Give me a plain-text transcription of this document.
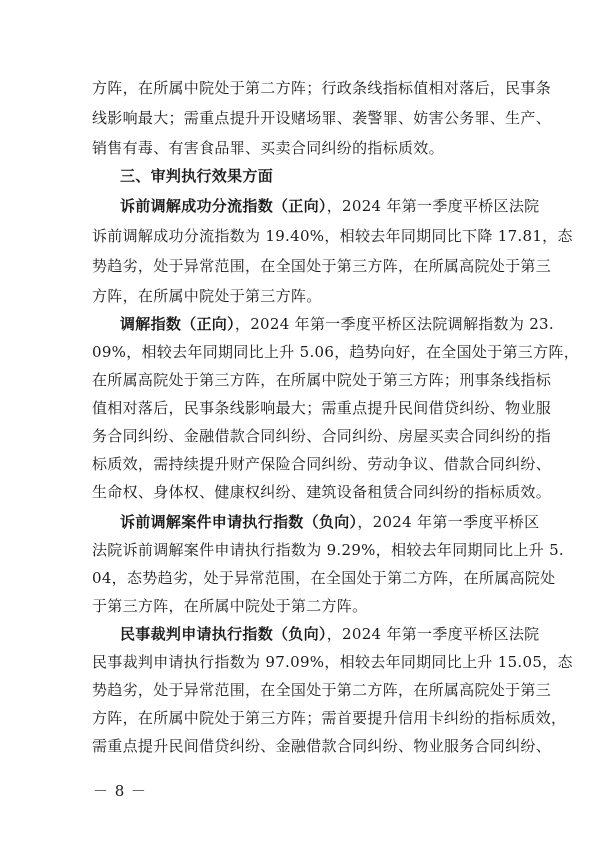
方阵，在所属中院处于第二方阵；行政条线指标值相对落后，民事条
线影响最大；需重点提升开设赌场罪、袭警罪、妨害公务罪、生产、
销售有毒、有害食品罪、买卖合同纠纷的指标质效。
三、审判执行效果方面
诉前调解成功分流指数（正向），2024 年第一季度平桥区法院
诉前调解成功分流指数为 19.40%，相较去年同期同比下降 17.81，态
势趋劣，处于异常范围，在全国处于第三方阵，在所属高院处于第三
方阵，在所属中院处于第三方阵。
调解指数（正向），2024 年第一季度平桥区法院调解指数为 23.
09%，相较去年同期同比上升 5.06，趋势向好，在全国处于第三方阵，
在所属高院处于第三方阵，在所属中院处于第三方阵；刑事条线指标
值相对落后，民事条线影响最大；需重点提升民间借贷纠纷、物业服
务合同纠纷、金融借款合同纠纷、合同纠纷、房屋买卖合同纠纷的指
标质效，需持续提升财产保险合同纠纷、劳动争议、借款合同纠纷、
生命权、身体权、健康权纠纷、建筑设备租赁合同纠纷的指标质效。
诉前调解案件申请执行指数（负向），2024 年第一季度平桥区
法院诉前调解案件申请执行指数为 9.29%，相较去年同期同比上升 5.
04，态势趋劣，处于异常范围，在全国处于第二方阵，在所属高院处
于第三方阵，在所属中院处于第二方阵。
民事裁判申请执行指数（负向），2024 年第一季度平桥区法院
民事裁判申请执行指数为 97.09%，相较去年同期同比上升 15.05，态
势趋劣，处于异常范围，在全国处于第二方阵，在所属高院处于第三
方阵，在所属中院处于第三方阵；需首要提升信用卡纠纷的指标质效，
需重点提升民间借贷纠纷、金融借款合同纠纷、物业服务合同纠纷、
－ 8 －
